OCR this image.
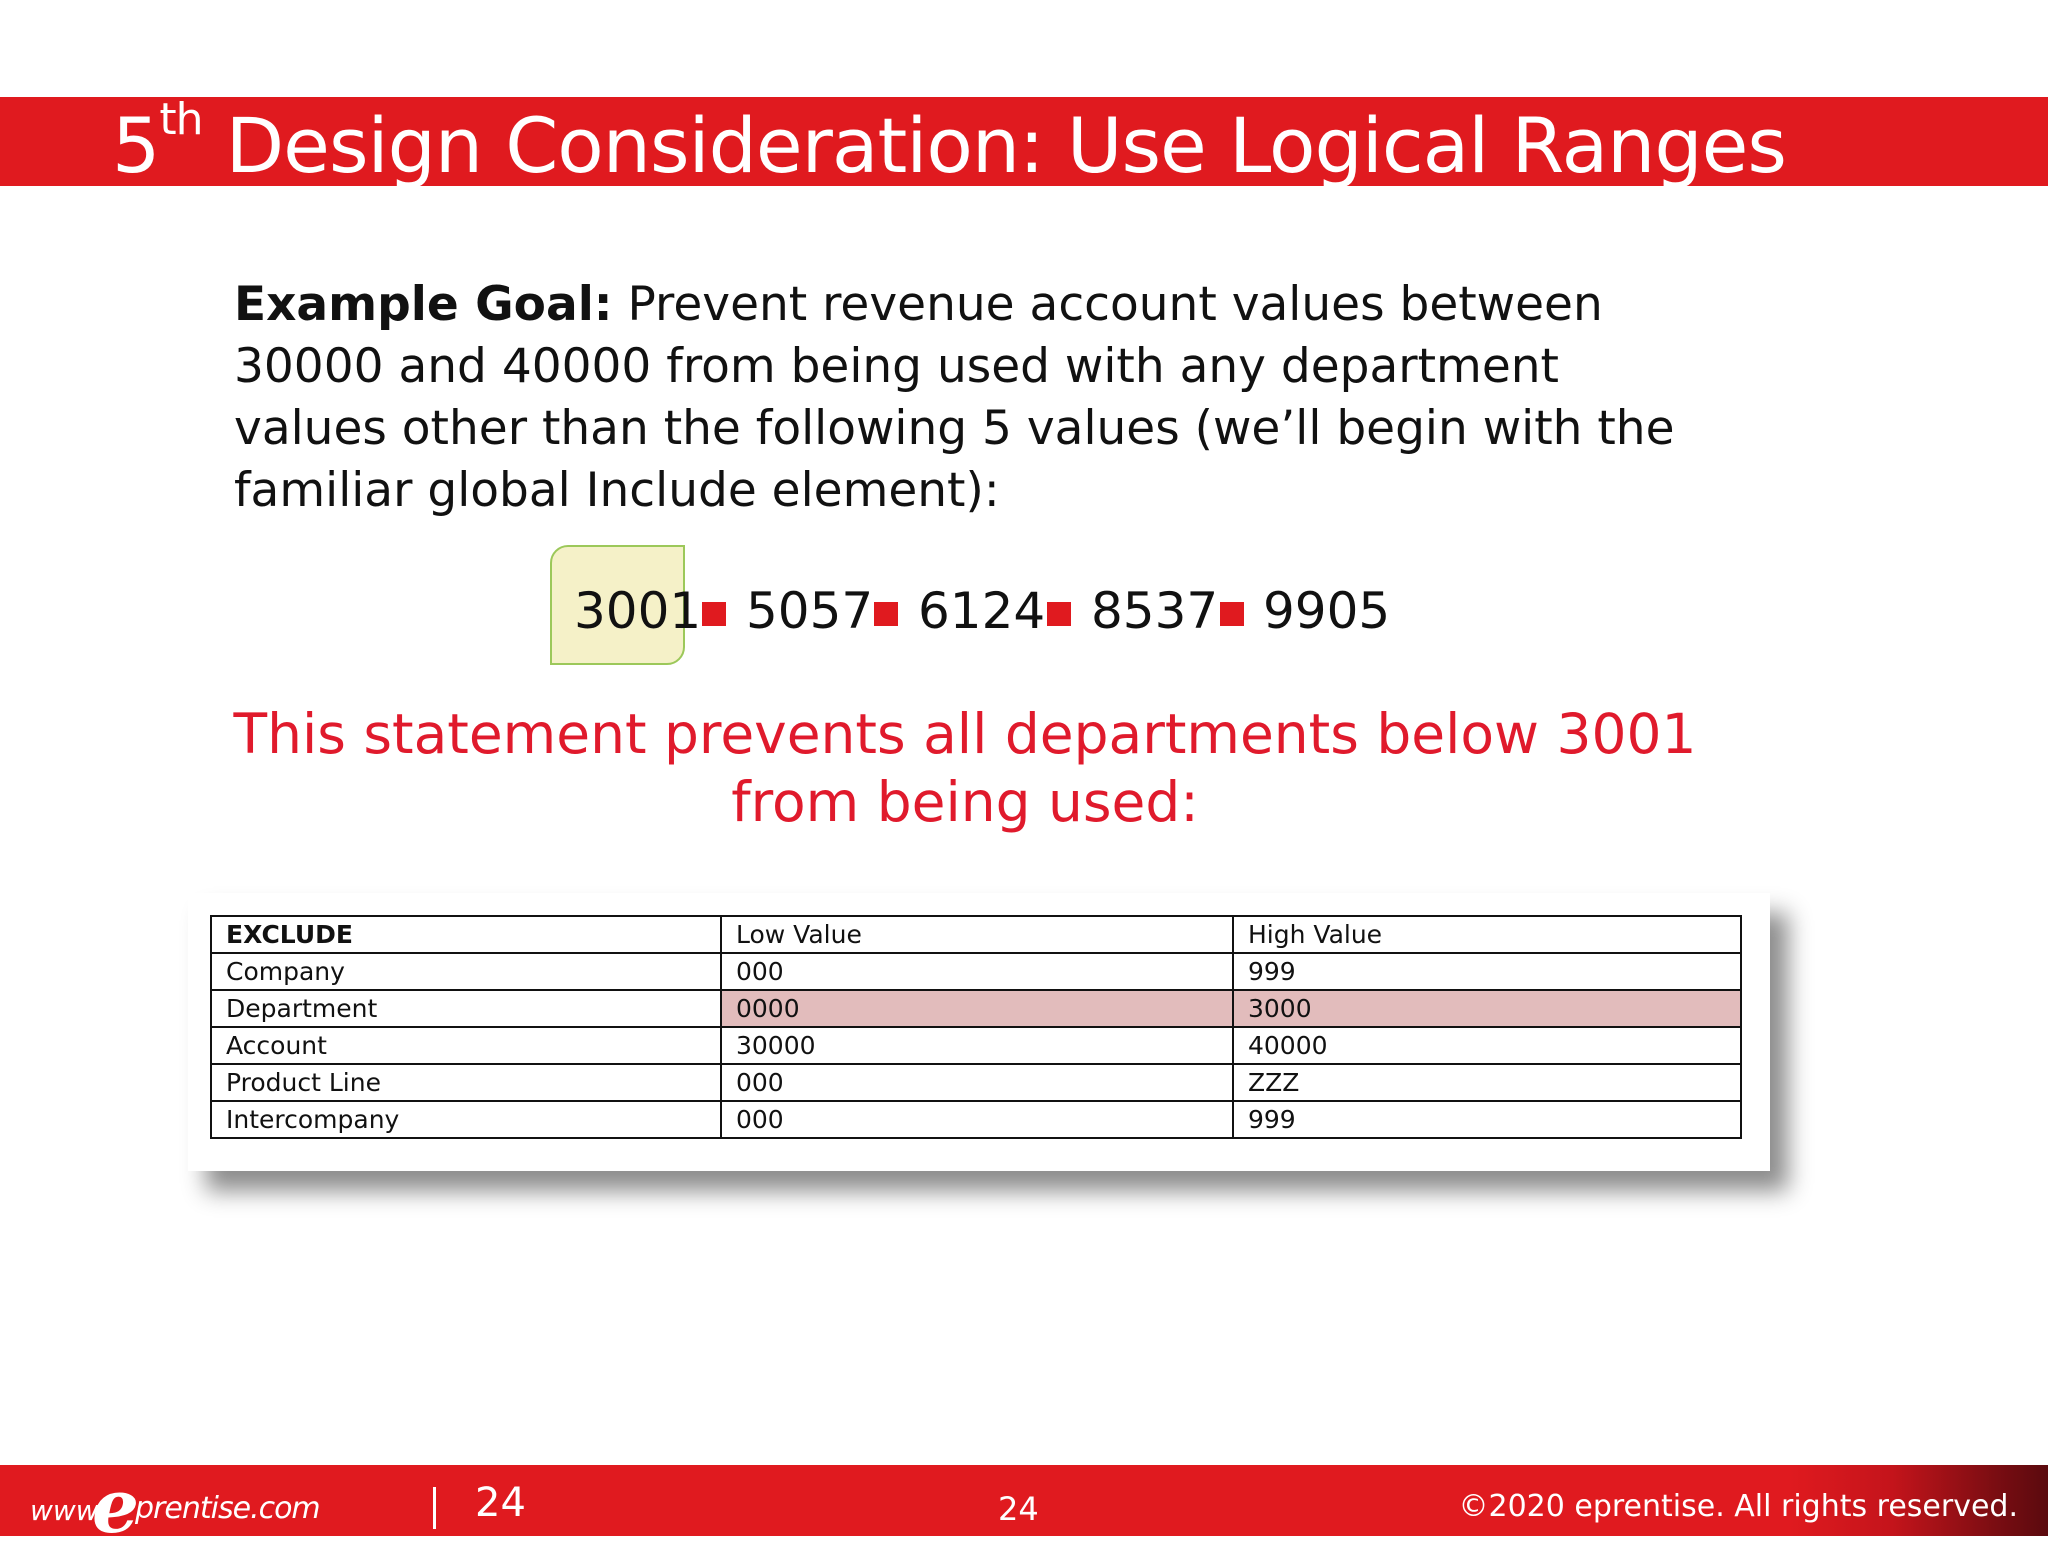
5th Design Consideration: Use Logical Ranges
Example Goal: Prevent revenue account values between 30000 and 40000 from being used with any department values other than the following 5 values (we’ll begin with the familiar global Include element):
3001 5057 6124 8537 9905
This statement prevents all departments below 3001 from being used:
EXCLUDE	Low Value	High Value
Company	000	999
Department	0000	3000
Account	30000	40000
Product Line	000	ZZZ
Intercompany	000	999
www.
e
prentise.com	24	24	©2020 eprentise. All rights reserved.
